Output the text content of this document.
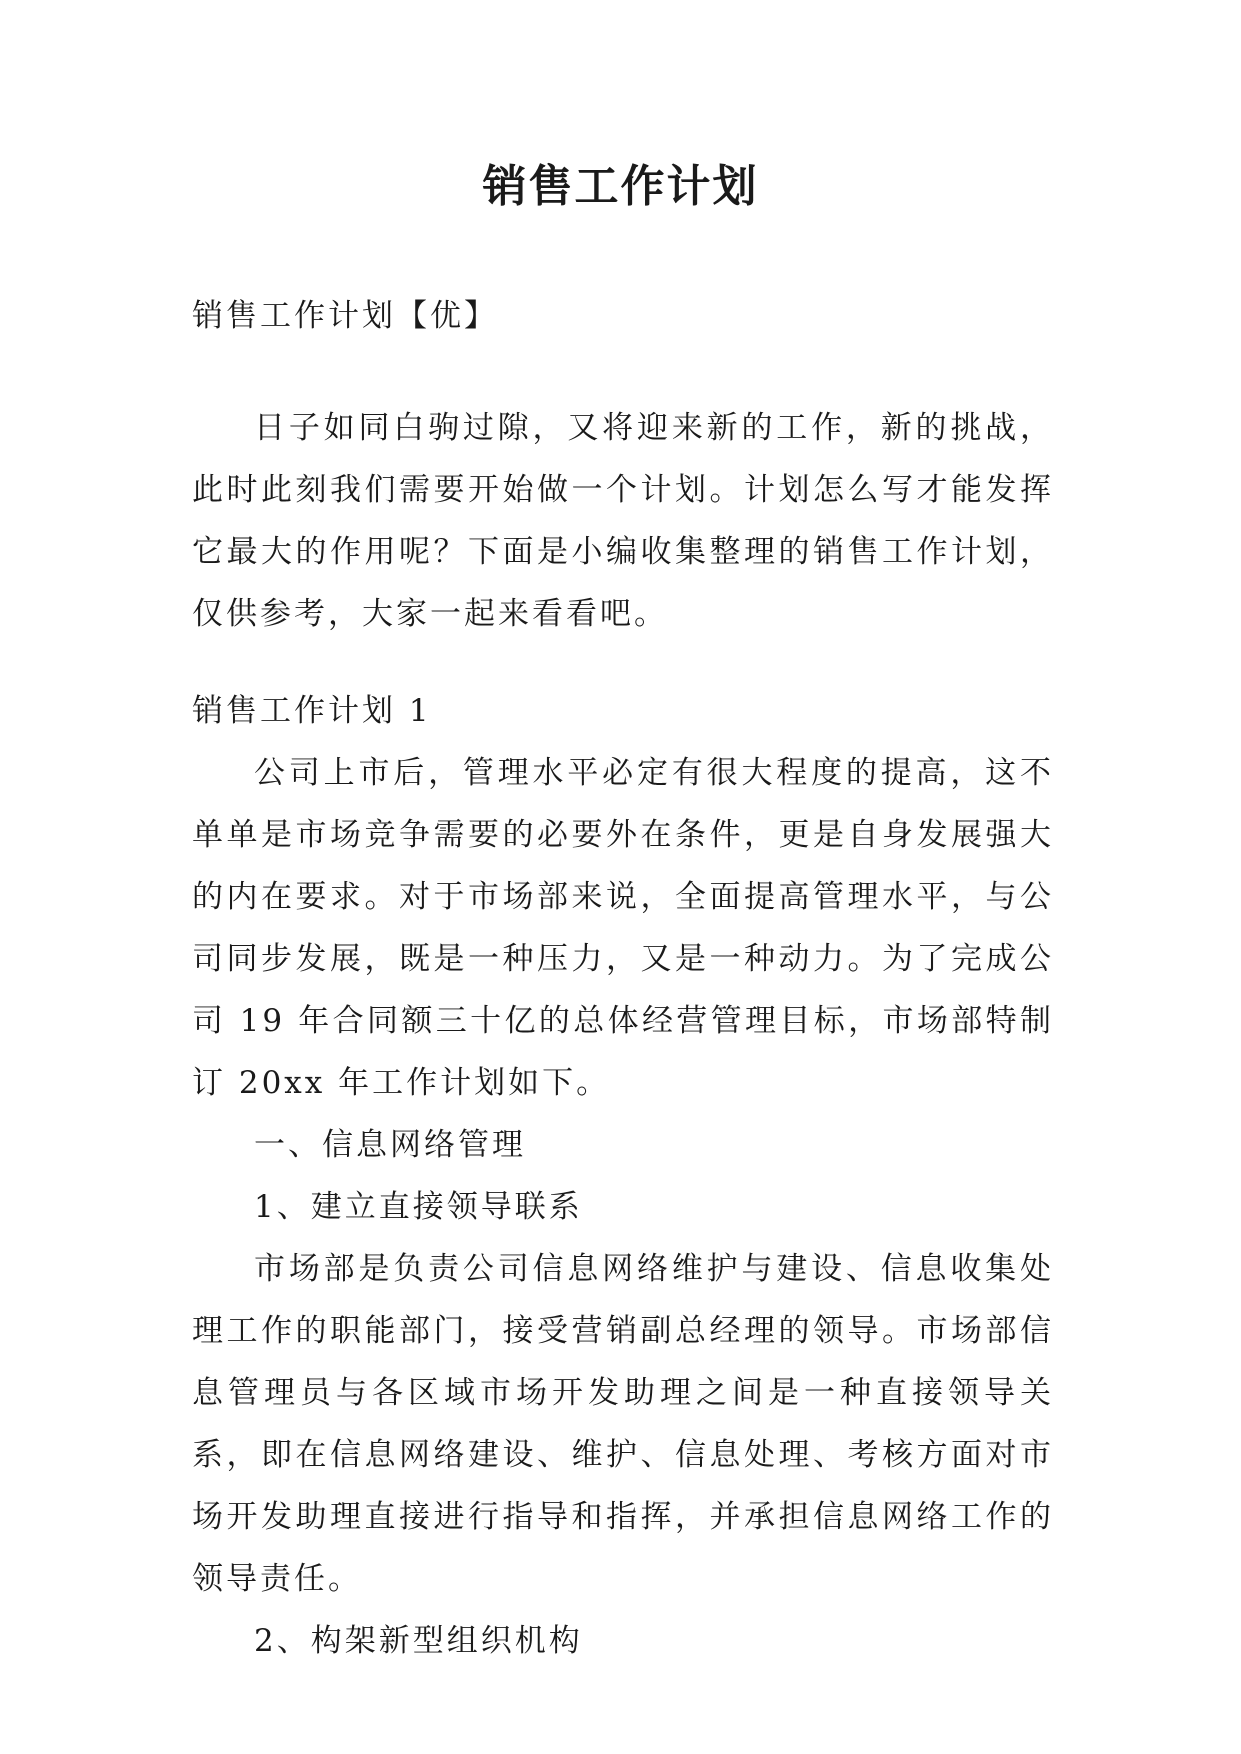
销售工作计划

销售工作计划【优】

日子如同白驹过隙，又将迎来新的工作，新的挑战，此时此刻我们需要开始做一个计划。计划怎么写才能发挥它最大的作用呢？下面是小编收集整理的销售工作计划，仅供参考，大家一起来看看吧。

销售工作计划 1

公司上市后，管理水平必定有很大程度的提高，这不单单是市场竞争需要的必要外在条件，更是自身发展强大的内在要求。对于市场部来说，全面提高管理水平，与公司同步发展，既是一种压力，又是一种动力。为了完成公司 19 年合同额三十亿的总体经营管理目标，市场部特制订 20xx 年工作计划如下。

一、信息网络管理

1、建立直接领导联系

市场部是负责公司信息网络维护与建设、信息收集处理工作的职能部门，接受营销副总经理的领导。市场部信息管理员与各区域市场开发助理之间是一种直接领导关系，即在信息网络建设、维护、信息处理、考核方面对市场开发助理直接进行指导和指挥，并承担信息网络工作的领导责任。

2、构架新型组织机构
